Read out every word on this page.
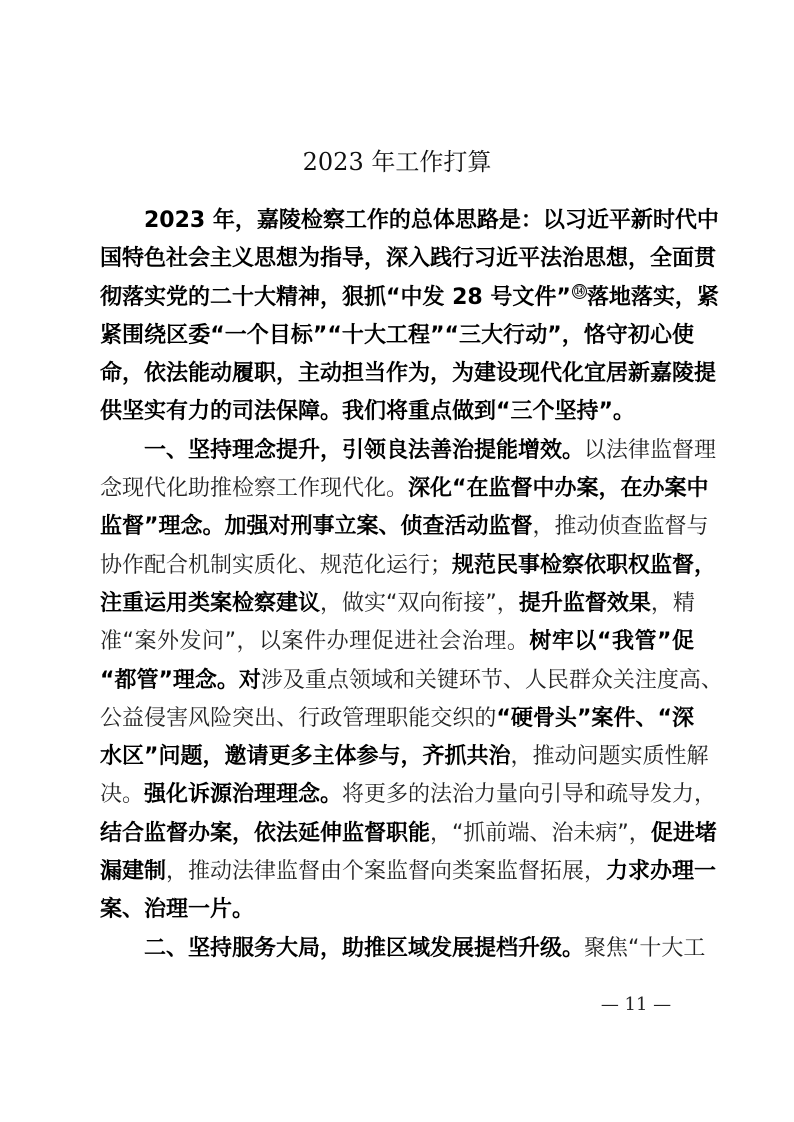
2023 年工作打算
2023 年，嘉陵检察工作的总体思路是：以习近平新时代中
国特色社会主义思想为指导，深入践行习近平法治思想，全面贯
彻落实党的二十大精神，狠抓“中发 28 号文件” ⑭落地落实，紧
紧围绕区委“一个目标”“十大工程”“三大行动”，恪守初心使
命，依法能动履职，主动担当作为，为建设现代化宜居新嘉陵提
供坚实有力的司法保障。我们将重点做到“三个坚持”。
一、坚持理念提升，引领良法善治提能增效。以法律监督理
念现代化助推检察工作现代化。深化“在监督中办案，在办案中
监督”理念。加强对刑事立案、侦查活动监督，推动侦查监督与
协作配合机制实质化、规范化运行；规范民事检察依职权监督，
注重运用类案检察建议，做实“双向衔接”，提升监督效果，精
准“案外发问”，以案件办理促进社会治理。树牢以“我管”促
“都管”理念。对涉及重点领域和关键环节、人民群众关注度高、
公益侵害风险突出、行政管理职能交织的“硬骨头”案件、“深
水区”问题，邀请更多主体参与，齐抓共治，推动问题实质性解
决。强化诉源治理理念。将更多的法治力量向引导和疏导发力，
结合监督办案，依法延伸监督职能，“抓前端、治未病”，促进堵
漏建制，推动法律监督由个案监督向类案监督拓展，力求办理一
案、治理一片。
二、坚持服务大局，助推区域发展提档升级。聚焦“十大工
— 11 —
